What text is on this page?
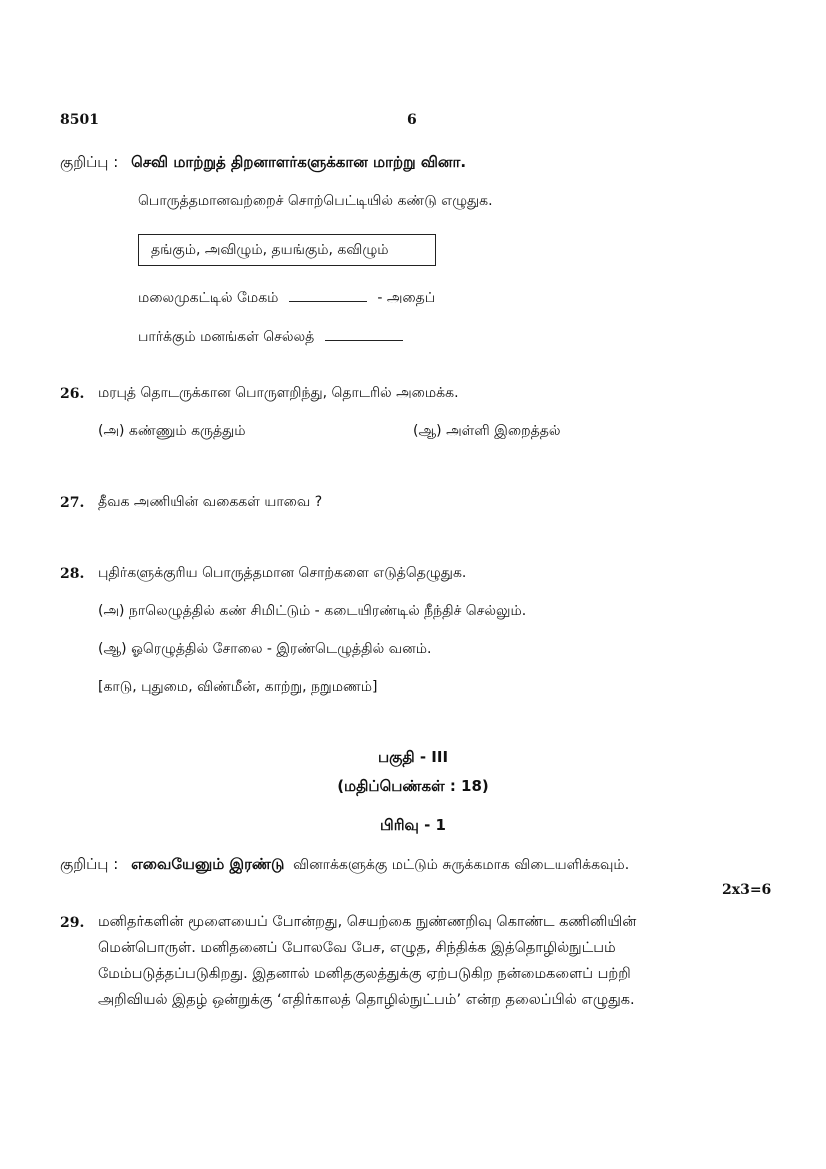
8501	6
குறிப்பு : செவி மாற்றுத் திறனாளர்களுக்கான மாற்று வினா.
பொருத்தமானவற்றைச் சொற்பெட்டியில் கண்டு எழுதுக.
தங்கும், அவிழும், தயங்கும், கவிழும்
மலைமுகட்டில் மேகம்	- அதைப்
பார்க்கும் மனங்கள் செல்லத்
26. மரபுத் தொடருக்கான பொருளறிந்து, தொடரில் அமைக்க.
(அ) கண்ணும் கருத்தும்	(ஆ) அள்ளி இறைத்தல்
27. தீவக அணியின் வகைகள் யாவை ?
28. புதிர்களுக்குரிய பொருத்தமான சொற்களை எடுத்தெழுதுக.
(அ) நாலெழுத்தில் கண் சிமிட்டும் - கடையிரண்டில் நீந்திச் செல்லும்.
(ஆ) ஓரெழுத்தில் சோலை - இரண்டெழுத்தில் வனம்.
[காடு, புதுமை, விண்மீன், காற்று, நறுமணம்]
பகுதி - III
(மதிப்பெண்கள் : 18)
பிரிவு - 1
குறிப்பு : எவையேனும் இரண்டு வினாக்களுக்கு மட்டும் சுருக்கமாக விடையளிக்கவும்.
2x3=6
29. மனிதர்களின் மூளையைப் போன்றது, செயற்கை நுண்ணறிவு கொண்ட கணினியின்
மென்பொருள். மனிதனைப் போலவே பேச, எழுத, சிந்திக்க இத்தொழில்நுட்பம்
மேம்படுத்தப்படுகிறது. இதனால் மனிதகுலத்துக்கு ஏற்படுகிற நன்மைகளைப் பற்றி
அறிவியல் இதழ் ஒன்றுக்கு ‘எதிர்காலத் தொழில்நுட்பம்’ என்ற தலைப்பில் எழுதுக.
